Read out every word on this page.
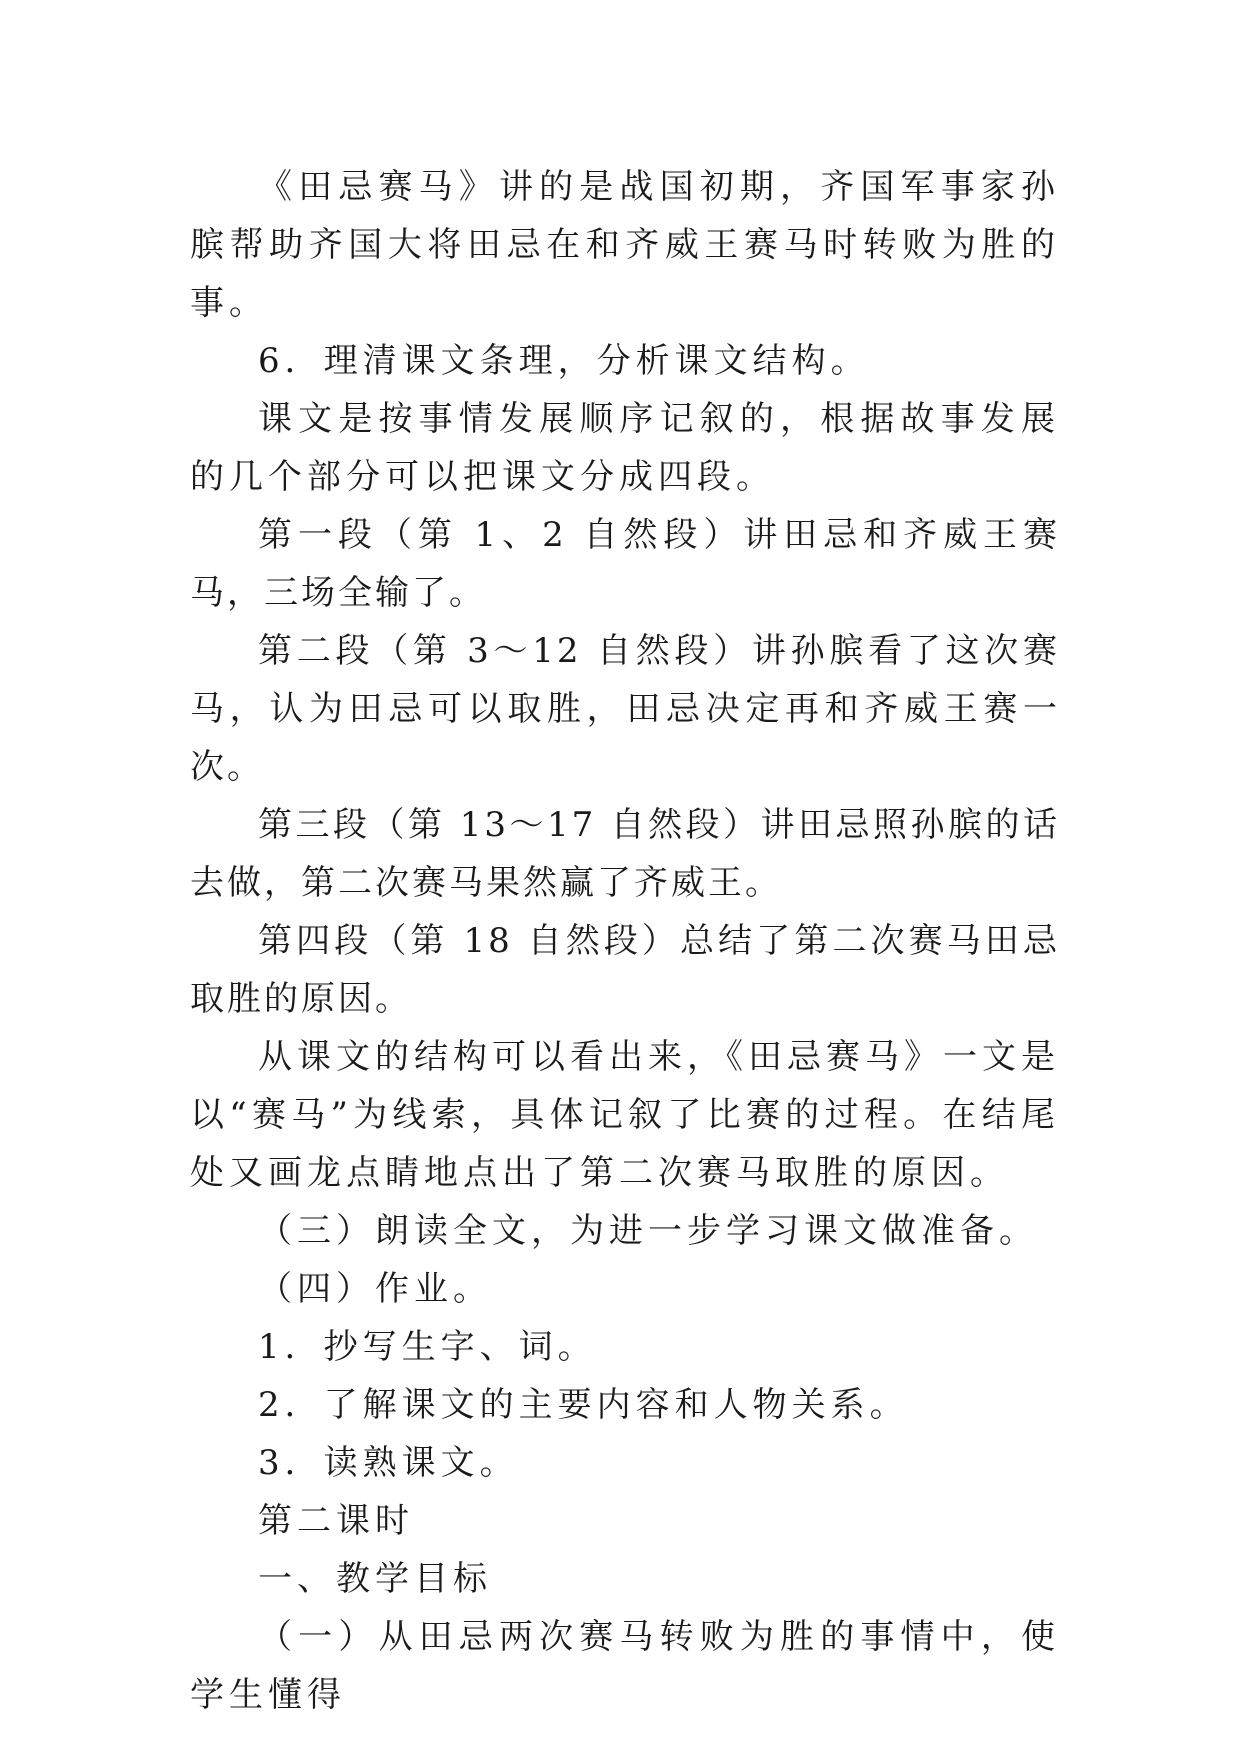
《田忌赛马》讲的是战国初期，齐国军事家孙膑帮助齐国大将田忌在和齐威王赛马时转败为胜的事。

6．理清课文条理，分析课文结构。

课文是按事情发展顺序记叙的，根据故事发展的几个部分可以把课文分成四段。

第一段（第 1、2 自然段）讲田忌和齐威王赛马，三场全输了。

第二段（第 3～12 自然段）讲孙膑看了这次赛马，认为田忌可以取胜，田忌决定再和齐威王赛一次。

第三段（第 13～17 自然段）讲田忌照孙膑的话去做，第二次赛马果然赢了齐威王。

第四段（第 18 自然段）总结了第二次赛马田忌取胜的原因。

从课文的结构可以看出来，《田忌赛马》一文是以“赛马”为线索，具体记叙了比赛的过程。在结尾处又画龙点睛地点出了第二次赛马取胜的原因。

（三）朗读全文，为进一步学习课文做准备。

（四）作业。

1．抄写生字、词。

2．了解课文的主要内容和人物关系。

3．读熟课文。

第二课时

一、教学目标

（一）从田忌两次赛马转败为胜的事情中，使学生懂得
